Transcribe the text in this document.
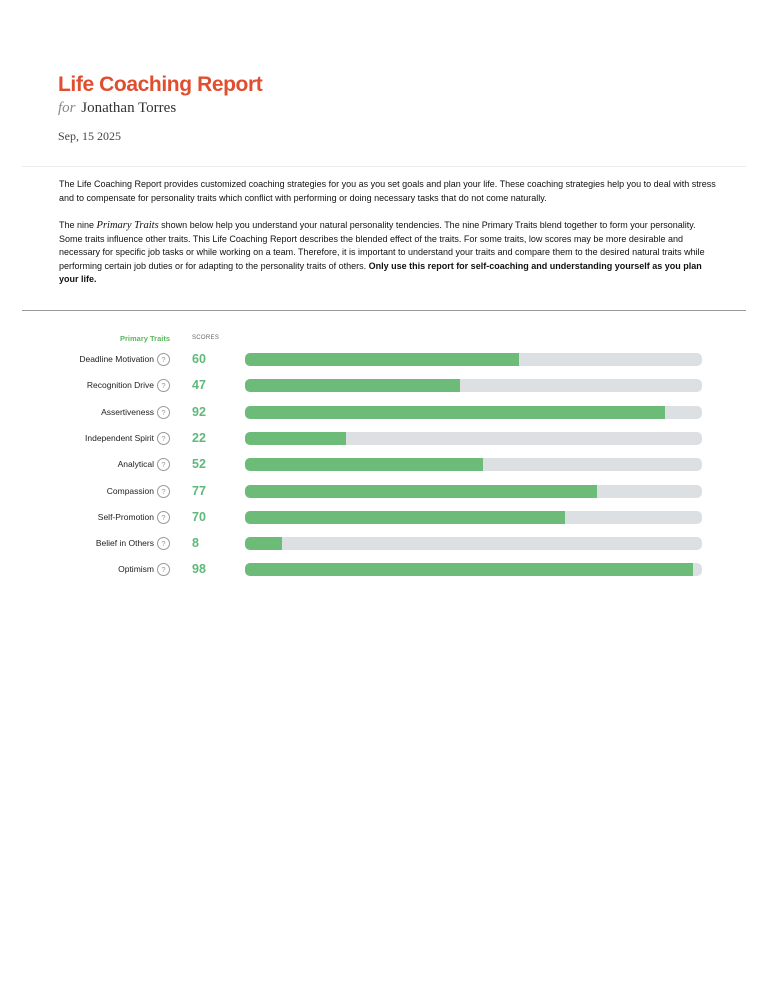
Life Coaching Report
for Jonathan Torres
Sep, 15 2025

The Life Coaching Report provides customized coaching strategies for you as you set goals and plan your life. These coaching strategies help you to deal with stress and to compensate for personality traits which conflict with performing or doing necessary tasks that do not come naturally.

The nine Primary Traits shown below help you understand your natural personality tendencies. The nine Primary Traits blend together to form your personality. Some traits influence other traits. This Life Coaching Report describes the blended effect of the traits. For some traits, low scores may be more desirable and necessary for specific job tasks or while working on a team. Therefore, it is important to understand your traits and compare them to the desired natural traits while performing certain job duties or for adapting to the personality traits of others. Only use this report for self-coaching and understanding yourself as you plan your life.

Primary Traits	SCORES
Deadline Motivation ?	60
Recognition Drive ?	47
Assertiveness ?	92
Independent Spirit ?	22
Analytical ?	52
Compassion ?	77
Self-Promotion ?	70
Belief in Others ?	8
Optimism ?	98
